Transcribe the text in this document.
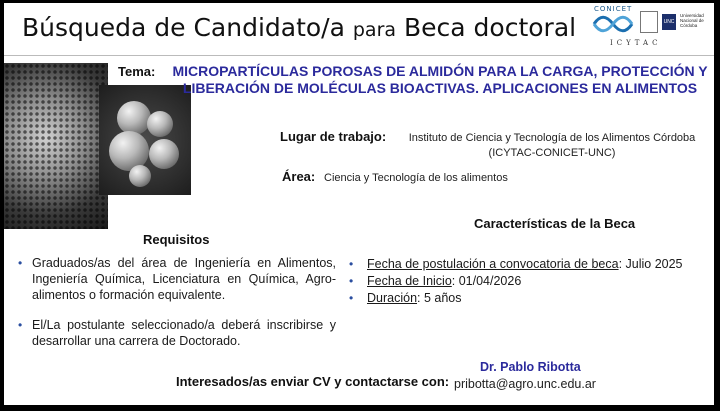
Búsqueda de Candidato/a para Beca doctoral
CONICET
UNC
Universidad Nacional de Córdoba
ICYTAC
Tema: MICROPARTÍCULAS POROSAS DE ALMIDÓN PARA LA CARGA, PROTECCIÓN Y LIBERACIÓN DE MOLÉCULAS BIOACTIVAS. APLICACIONES EN ALIMENTOS
Lugar de trabajo:	Instituto de Ciencia y Tecnología de los Alimentos Córdoba
(ICYTAC-CONICET-UNC)
Área: Ciencia y Tecnología de los alimentos
Características de la Beca
Requisitos
• Graduados/as del área de Ingeniería en Alimentos, Ingeniería Química, Licenciatura en Química, Agro-alimentos o formación equivalente.
• El/La postulante seleccionado/a deberá inscribirse y desarrollar una carrera de Doctorado.
• Fecha de postulación a convocatoria de beca: Julio 2025
• Fecha de Inicio: 01/04/2026
• Duración: 5 años
Interesados/as enviar CV y contactarse con:
Dr. Pablo Ribotta
pribotta@agro.unc.edu.ar
